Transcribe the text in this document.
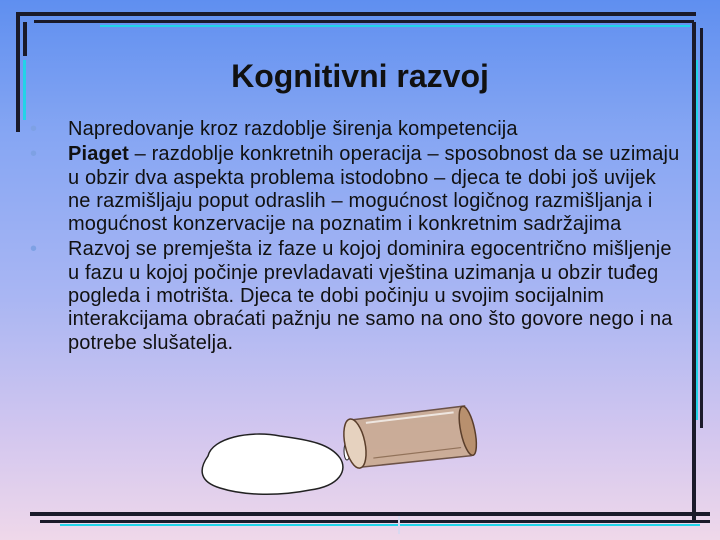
Kognitivni razvoj
• Napredovanje kroz razdoblje širenja kompetencija
• Piaget – razdoblje konkretnih operacija – sposobnost da se uzimaju u obzir dva aspekta problema istodobno – djeca te dobi još uvijek ne razmišljaju poput odraslih – mogućnost logičnog razmišljanja i mogućnost konzervacije na poznatim i konkretnim sadržajima
• Razvoj se premješta iz faze u kojoj dominira egocentrično mišljenje u fazu u kojoj počinje prevladavati vještina uzimanja u obzir tuđeg pogleda i motrišta. Djeca te dobi počinju u svojim socijalnim interakcijama obraćati pažnju ne samo na ono što govore nego i na potrebe slušatelja.
